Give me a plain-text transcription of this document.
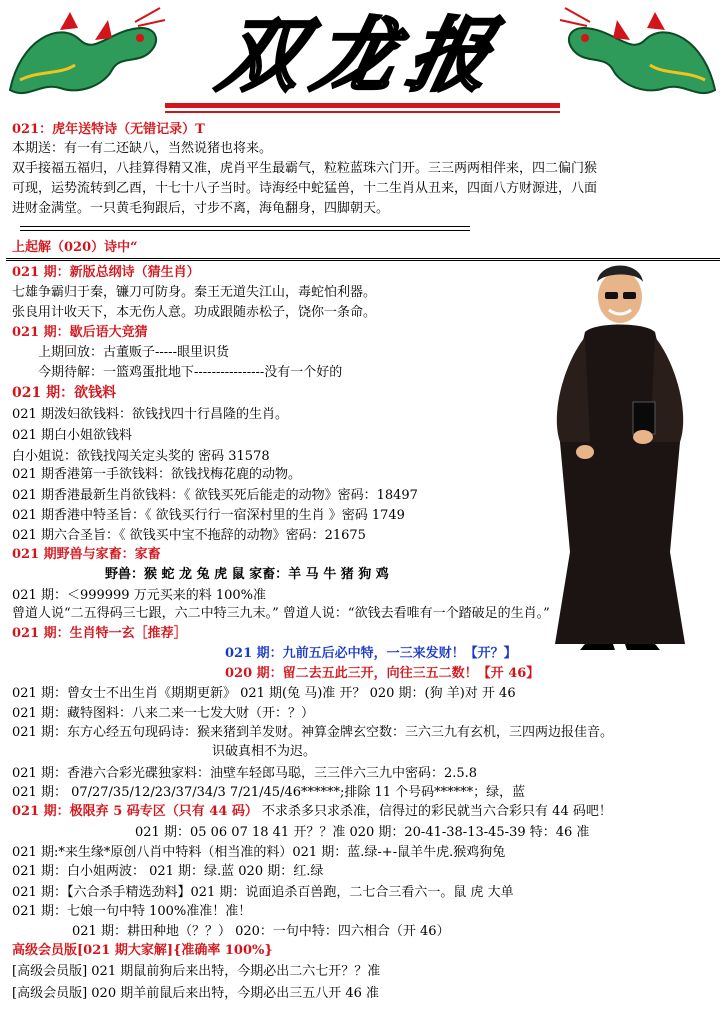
双龙报
021：虎年送特诗（无错记录）T
本期送：有一有二还缺八，当然说猪也将来。
双手接福五福归，八挂算得精又准，虎肖平生最霸气，粒粒蓝珠六门开。三三两两相伴来，四二偏门猴
可现，运势流转到乙酉，十七十八子当时。诗海经中蛇猛兽，十二生肖从丑来，四面八方财源进，八面
进财金满堂。一只黄毛狗跟后，寸步不离，海龟翻身，四脚朝天。
上起解（020）诗中“
021 期：新版总纲诗（猜生肖）
七雄争霸归于秦，镰刀可防身。秦王无道失江山，毒蛇怕利器。
张良用计收天下，本无伤人意。功成跟随赤松子，饶你一条命。
021 期：歇后语大竞猜
上期回放：古董贩子-----眼里识货
今期待解：一篮鸡蛋批地下----------------没有一个好的
021 期：欲钱料
021 期泼妇欲钱料：欲钱找四十行昌隆的生肖。
021 期白小姐欲钱料
白小姐说：欲钱找闯关定头奖的 密码 31578
021 期香港第一手欲钱料：欲钱找梅花鹿的动物。
021 期香港最新生肖欲钱料：《 欲钱买死后能走的动物》密码：18497
021 期香港中特圣旨：《 欲钱买行行一宿深村里的生肖 》密码 1749
021 期六合圣旨：《 欲钱买中宝不拖辞的动物》密码：21675
021 期野兽与家畜：家畜
野兽：猴 蛇 龙 兔 虎 鼠 家畜：羊 马 牛 猪 狗 鸡
021 期：＜999999 万元买来的料 100%准
曾道人说“二五得码三七跟，六二中特三九末。” 曾道人说：“欲钱去看唯有一个踏破足的生肖。”
021 期：生肖特一玄［推荐］
021 期：九前五后必中特，一三来发财！【开？】
020 期：留二去五此三开，向往三五二数！【开 46】
021 期：曾女士不出生肖《期期更新》 021 期(兔 马)准 开？ 020 期：(狗 羊)对 开 46
021 期：藏特图料：八来二来一七发大财（开：？）
021 期：东方心经五句现码诗：猴来猪到羊发财。神算金牌玄空数：三六三九有玄机，三四两边报佳音。
识破真相不为迟。
021 期：香港六合彩光碟独家料：油壁车轻郎马聪，三三伴六三九中密码：2.5.8
021 期： 07/27/35/12/23/37/34/3 7/21/45/46******;排除 11 个号码******；绿，蓝
021 期：极限弃 5 码专区（只有 44 码） 不求杀多只求杀准，信得过的彩民就当六合彩只有 44 码吧！
021 期：05 06 07 18 41 开？？准 020 期：20-41-38-13-45-39 特：46 准
021 期:*来生缘*原创八肖中特料（相当准的料）021 期：蓝.绿-+-鼠羊牛虎.猴鸡狗兔
021 期：白小姐两波： 021 期：绿.蓝 020 期：红.绿
021 期：【六合杀手精选劲料】021 期：说面追杀百兽跑，二七合三看六一。鼠 虎 大单
021 期：七娘一句中特 100%准准！准！
021 期：耕田种地（？？） 020：一句中特：四六相合（开 46）
高级会员版[021 期大家解]{准确率 100%}
[高级会员版] 021 期鼠前狗后来出特，今期必出二六七开？？准
[高级会员版] 020 期羊前鼠后来出特，今期必出三五八开 46 准
